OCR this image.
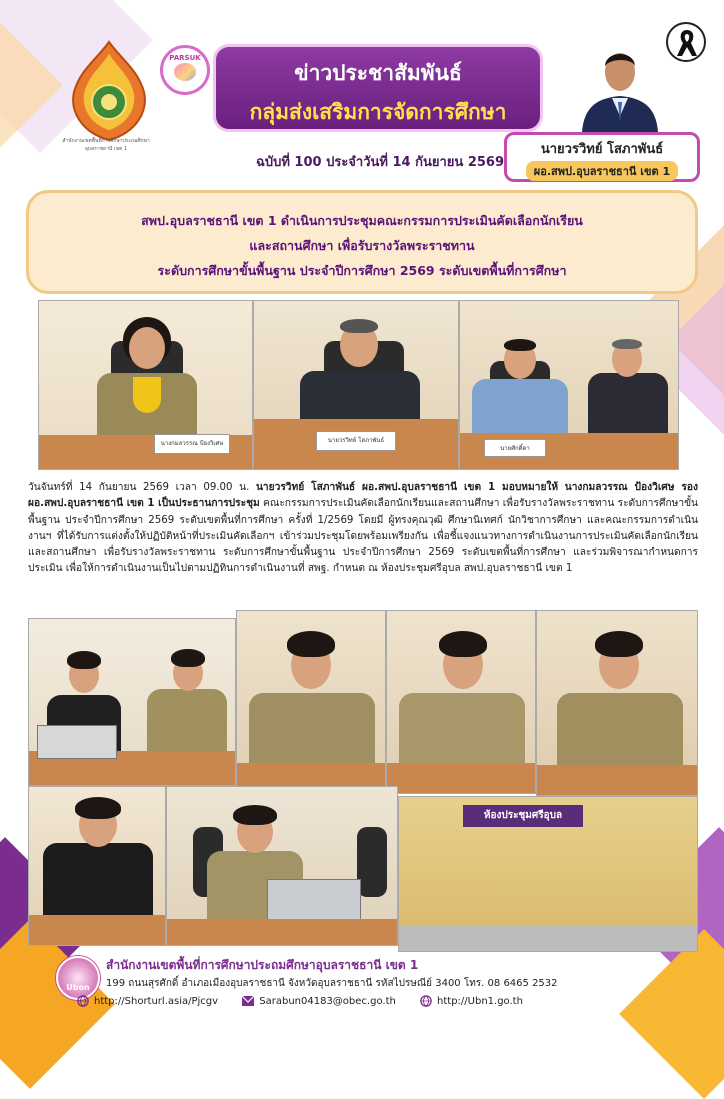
สำนักงานเขตพื้นที่การศึกษาประถมศึกษาอุบลราชธานี เขต 1
PARSUK
ข่าวประชาสัมพันธ์
กลุ่มส่งเสริมการจัดการศึกษา
ฉบับที่ 100 ประจำวันที่ 14 กันยายน 2569
นายวรวิทย์ โสภาพันธ์
ผอ.สพป.อุบลราชธานี เขต 1
สพป.อุบลราชธานี เขต 1 ดำเนินการประชุมคณะกรรมการประเมินคัดเลือกนักเรียน
และสถานศึกษา เพื่อรับรางวัลพระราชทาน
ระดับการศึกษาขั้นพื้นฐาน ประจำปีการศึกษา 2569 ระดับเขตพื้นที่การศึกษา
นางกมลวรรณ ป้องวิเศษ	นายวรวิทย์ โสภาพันธ์
นายศักดิ์ดา
วันจันทร์ที่ 14 กันยายน 2569 เวลา 09.00 น. นายวรวิทย์ โสภาพันธ์ ผอ.สพป.อุบลราชธานี เขต 1 มอบหมายให้ นางกมลวรรณ ป้องวิเศษ รอง ผอ.สพป.อุบลราชธานี เขต 1 เป็นประธานการประชุม คณะกรรมการประเมินคัดเลือกนักเรียนและสถานศึกษา เพื่อรับรางวัลพระราชทาน ระดับการศึกษาขั้นพื้นฐาน ประจำปีการศึกษา 2569 ระดับเขตพื้นที่การศึกษา ครั้งที่ 1/2569 โดยมี ผู้ทรงคุณวุฒิ ศึกษานิเทศก์ นักวิชาการศึกษา และคณะกรรมการดำเนินงานฯ ที่ได้รับการแต่งตั้งให้ปฏิบัติหน้าที่ประเมินคัดเลือกฯ เข้าร่วมประชุมโดยพร้อมเพรียงกัน เพื่อชี้แจงแนวทางการดำเนินงานการประเมินคัดเลือกนักเรียนและสถานศึกษา เพื่อรับรางวัลพระราชทาน ระดับการศึกษาขั้นพื้นฐาน ประจำปีการศึกษา 2569 ระดับเขตพื้นที่การศึกษา และร่วมพิจารณากำหนดการประเมิน เพื่อให้การดำเนินงานเป็นไปตามปฏิทินการดำเนินงานที่ สพฐ. กำหนด ณ ห้องประชุมศรีอุบล สพป.อุบลราชธานี เขต 1
ห้องประชุมศรีอุบล
Ubon
สำนักงานเขตพื้นที่การศึกษาประถมศึกษาอุบลราชธานี เขต 1
199 ถนนสุรศักดิ์ อำเภอเมืองอุบลราชธานี จังหวัดอุบลราชธานี รหัสไปรษณีย์ 3400 โทร. 08 6465 2532
http://Shorturl.asia/Pjcgv	Sarabun04183@obec.go.th	http://Ubn1.go.th
